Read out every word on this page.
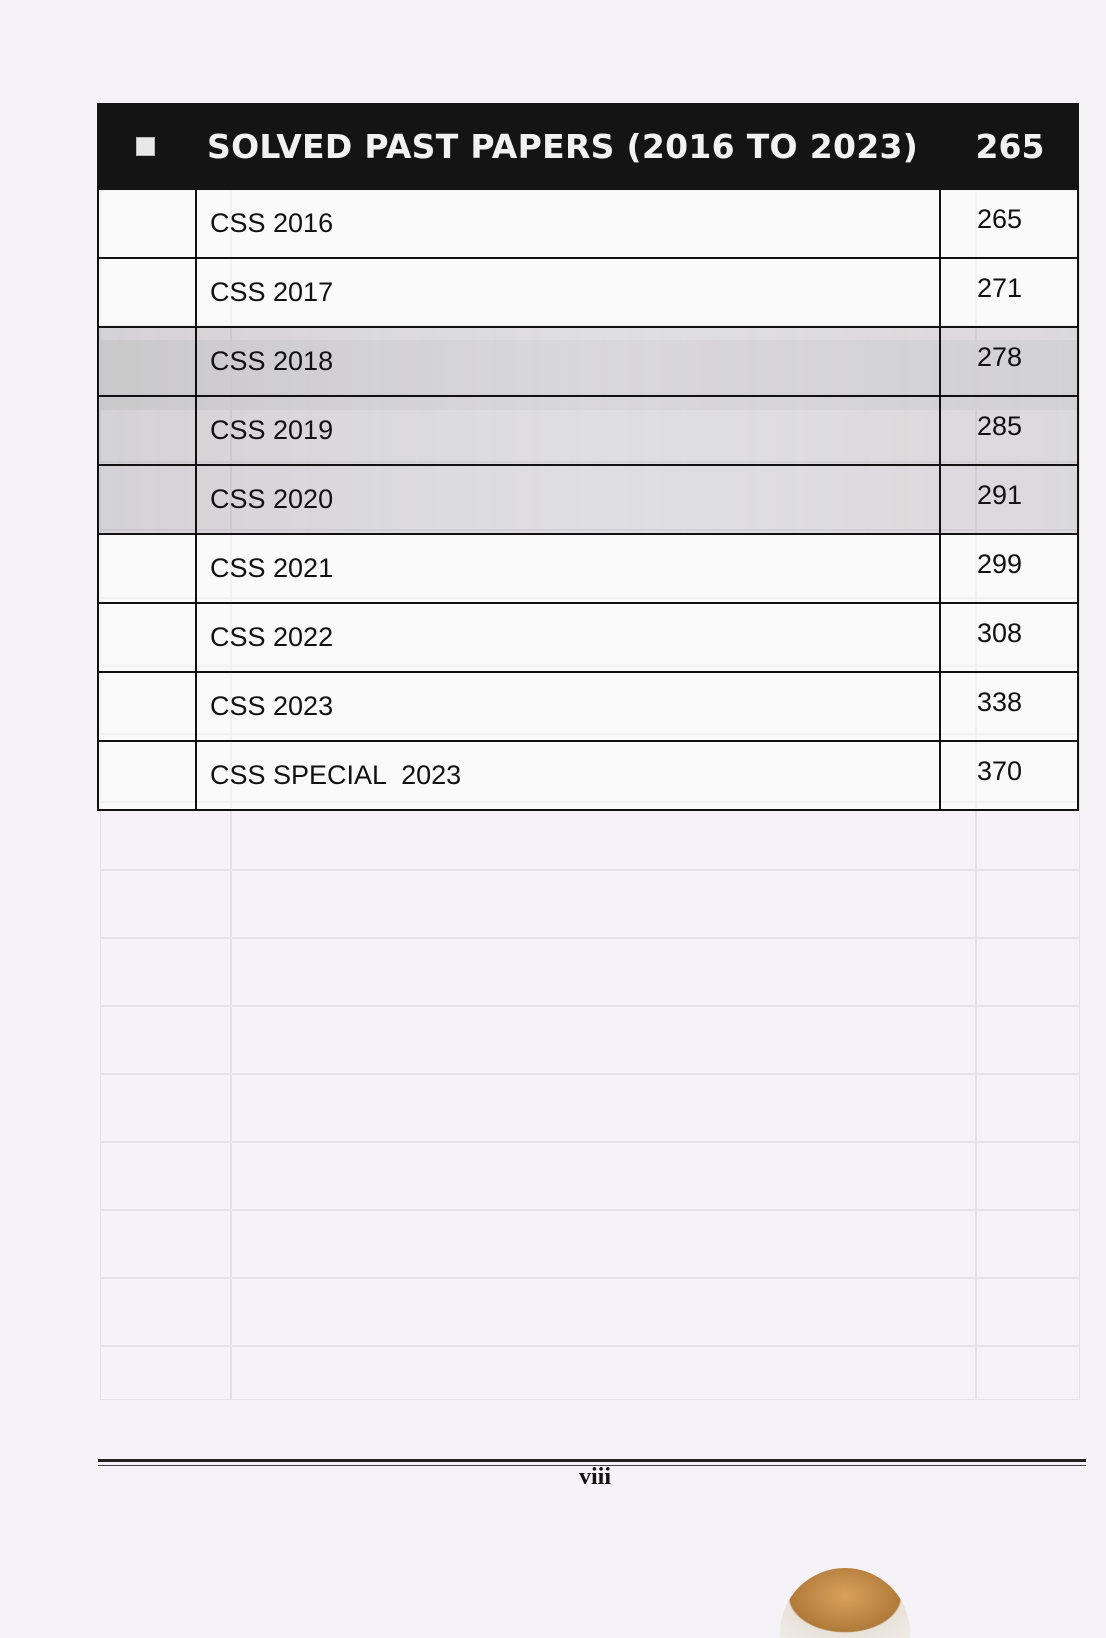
SOLVED PAST PAPERS (2016 TO 2023)	265
CSS 2016	265
CSS 2017	271
CSS 2018	278
CSS 2019	285
CSS 2020	291
CSS 2021	299
CSS 2022	308
CSS 2023	338
CSS SPECIAL  2023	370
viii
